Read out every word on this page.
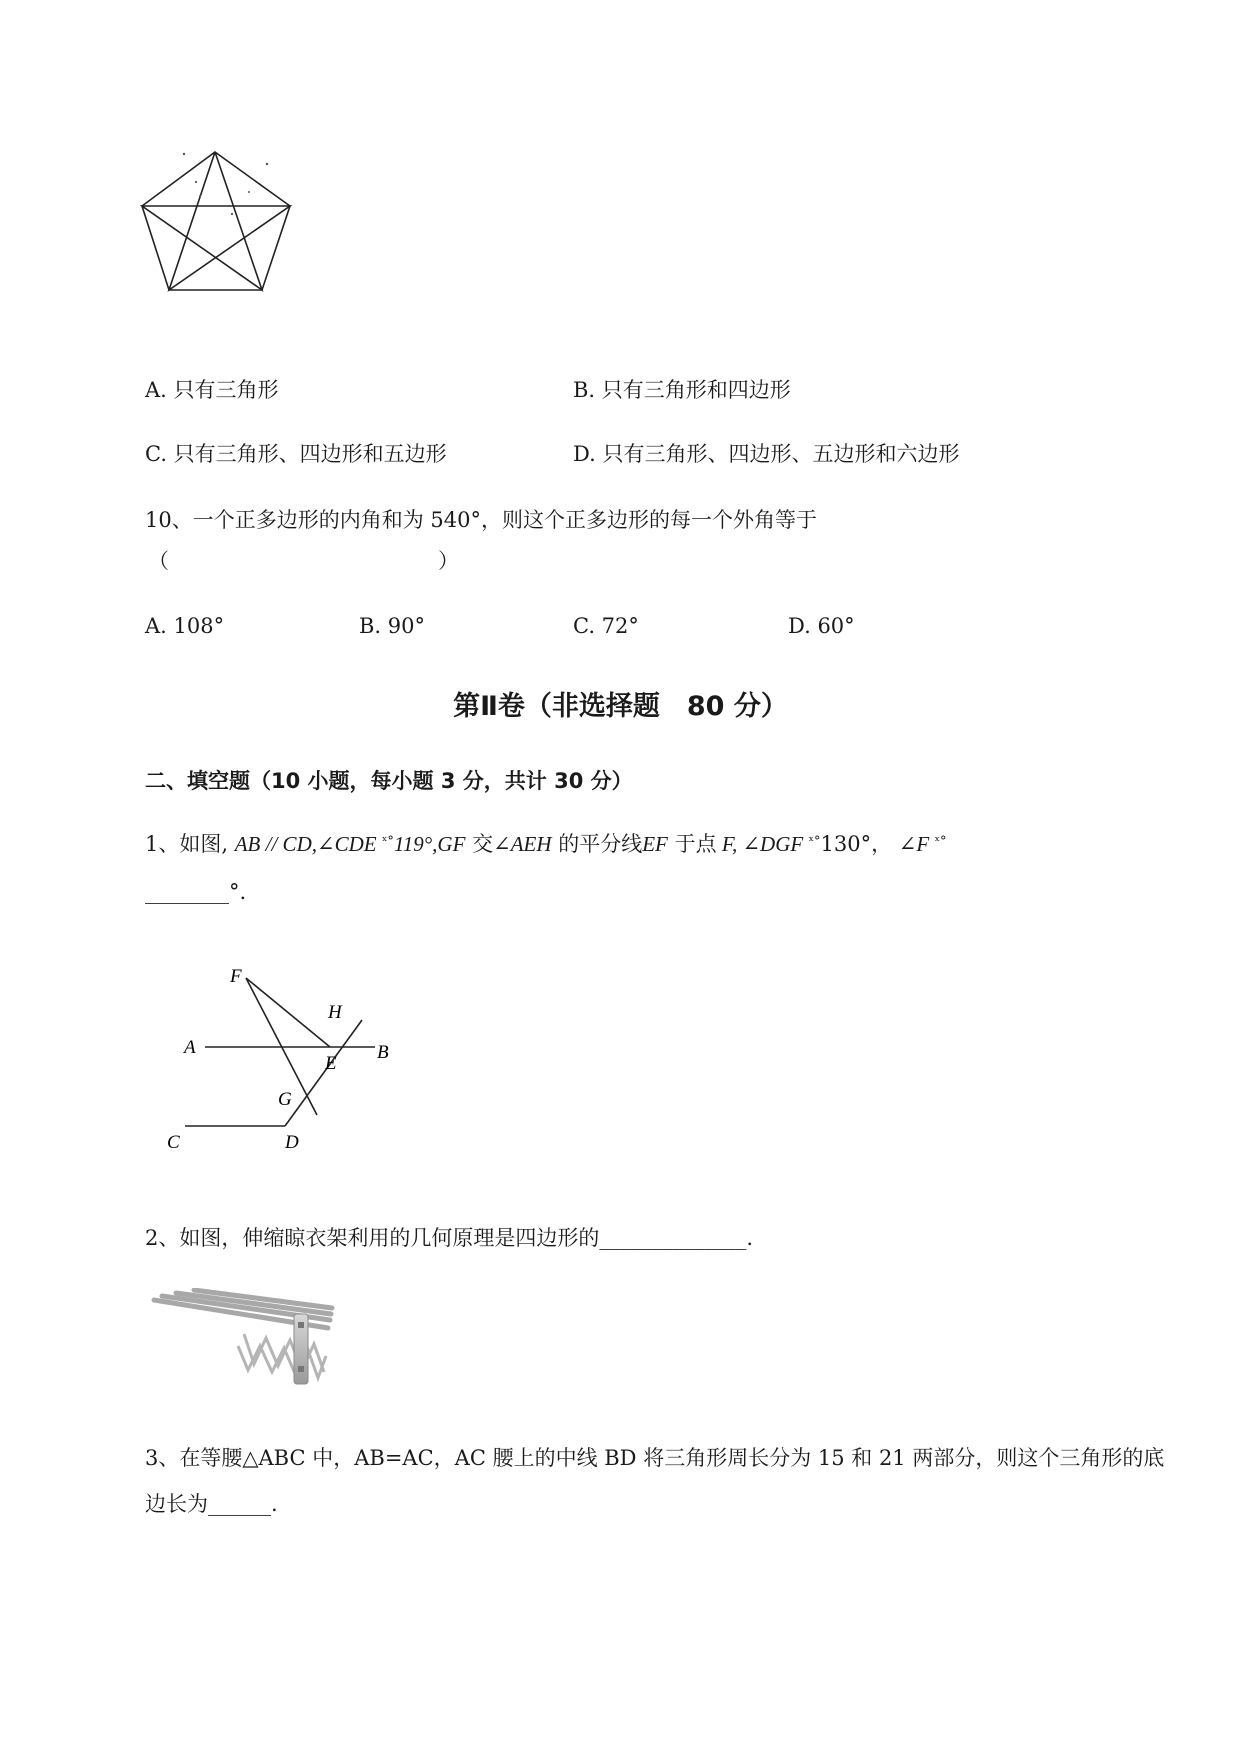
A. 只有三角形	B. 只有三角形和四边形
C. 只有三角形、四边形和五边形	D. 只有三角形、四边形、五边形和六边形
10、一个正多边形的内角和为 540°，则这个正多边形的每一个外角等于
（	）
A. 108°	B. 90°	C. 72°	D. 60°
第Ⅱ卷（非选择题　80 分）
二、填空题（10 小题，每小题 3 分，共计 30 分）
1、如图, AB // CD,∠CDE $^{ˣ^\circ}$119°,GF 交∠AEH 的平分线EF 于点 F, ∠DGF $^{ˣ^\circ}$130°， ∠F $^{ˣ^\circ}$
________°.
F
H
A	B
E
G
C	D
2、如图，伸缩晾衣架利用的几何原理是四边形的______________.
3、在等腰△ABC 中，AB=AC，AC 腰上的中线 BD 将三角形周长分为 15 和 21 两部分，则这个三角形的底
边长为______.
